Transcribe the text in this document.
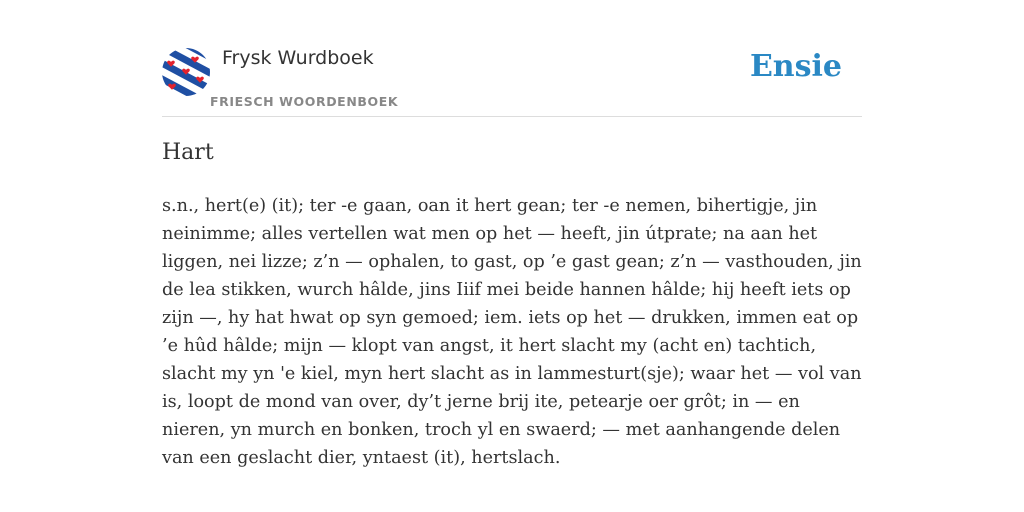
Frysk Wurdboek
FRIESCH WOORDENBOEK
Ensie
Hart

s.n., hert(e) (it); ter -e gaan, oan it hert gean; ter -e nemen, bihertigje, jin neinimme; alles vertellen wat men op het — heeft, jin útprate; na aan het liggen, nei lizze; z’n — ophalen, to gast, op ’e gast gean; z’n — vasthouden, jin de lea stikken, wurch hâlde, jins Iiif mei beide hannen hâlde; hij heeft iets op zijn —, hy hat hwat op syn gemoed; iem. iets op het — drukken, immen eat op ’e hûd hâlde; mijn — klopt van angst, it hert slacht my (acht en) tachtich, slacht my yn 'e kiel, myn hert slacht as in lammesturt(sje); waar het — vol van is, loopt de mond van over, dy’t jerne brij ite, petearje oer grôt; in — en nieren, yn murch en bonken, troch yl en swaerd; — met aanhangende delen van een geslacht dier, yntaest (it), hertslach.
